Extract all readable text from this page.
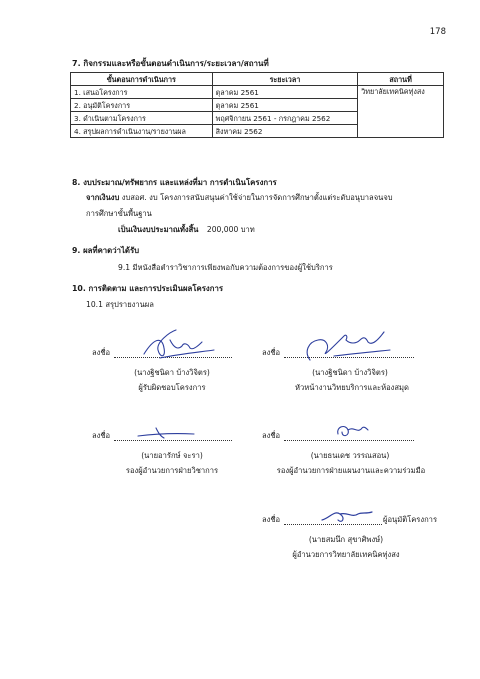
178
7. กิจกรรมและหรือขั้นตอนดำเนินการ/ระยะเวลา/สถานที่
ขั้นตอนการดำเนินการ	ระยะเวลา	สถานที่
1. เสนอโครงการ	ตุลาคม 2561	วิทยาลัยเทคนิคทุ่งสง
2. อนุมัติโครงการ	ตุลาคม 2561	
3. ดำเนินตามโครงการ	พฤศจิกายน 2561 - กรกฎาคม 2562	
4. สรุปผลการดำเนินงาน/รายงานผล	สิงหาคม 2562	
8. งบประมาณ/ทรัพยากร และแหล่งที่มา การดำเนินโครงการ
จากเงินงบ งบสอศ. งบ โครงการสนับสนุนค่าใช้จ่ายในการจัดการศึกษาตั้งแต่ระดับอนุบาลจนจบ
การศึกษาขั้นพื้นฐาน
เป็นเงินงบประมาณทั้งสิ้น 200,000 บาท
9. ผลที่คาดว่าได้รับ
9.1 มีหนังสือตำราวิชาการเพียงพอกับความต้องการของผู้ใช้บริการ
10. การติดตาม และการประเมินผลโครงการ
10.1 สรุปรายงานผล
ลงชื่อ
(นางฐิชนิดา บ้างวิจิตร)
ผู้รับผิดชอบโครงการ
ลงชื่อ
(นางฐิชนิดา บ้างวิจิตร)
หัวหน้างานวิทยบริการและห้องสมุด
ลงชื่อ
(นายอารักษ์ จะรา)
รองผู้อำนวยการฝ่ายวิชาการ
ลงชื่อ
(นายธนเดช วรรณสอน)
รองผู้อำนวยการฝ่ายแผนงานและความร่วมมือ
ลงชื่อ	ผู้อนุมัติโครงการ
(นายสมนึก สุขาศิพงษ์)
ผู้อำนวยการวิทยาลัยเทคนิคทุ่งสง
